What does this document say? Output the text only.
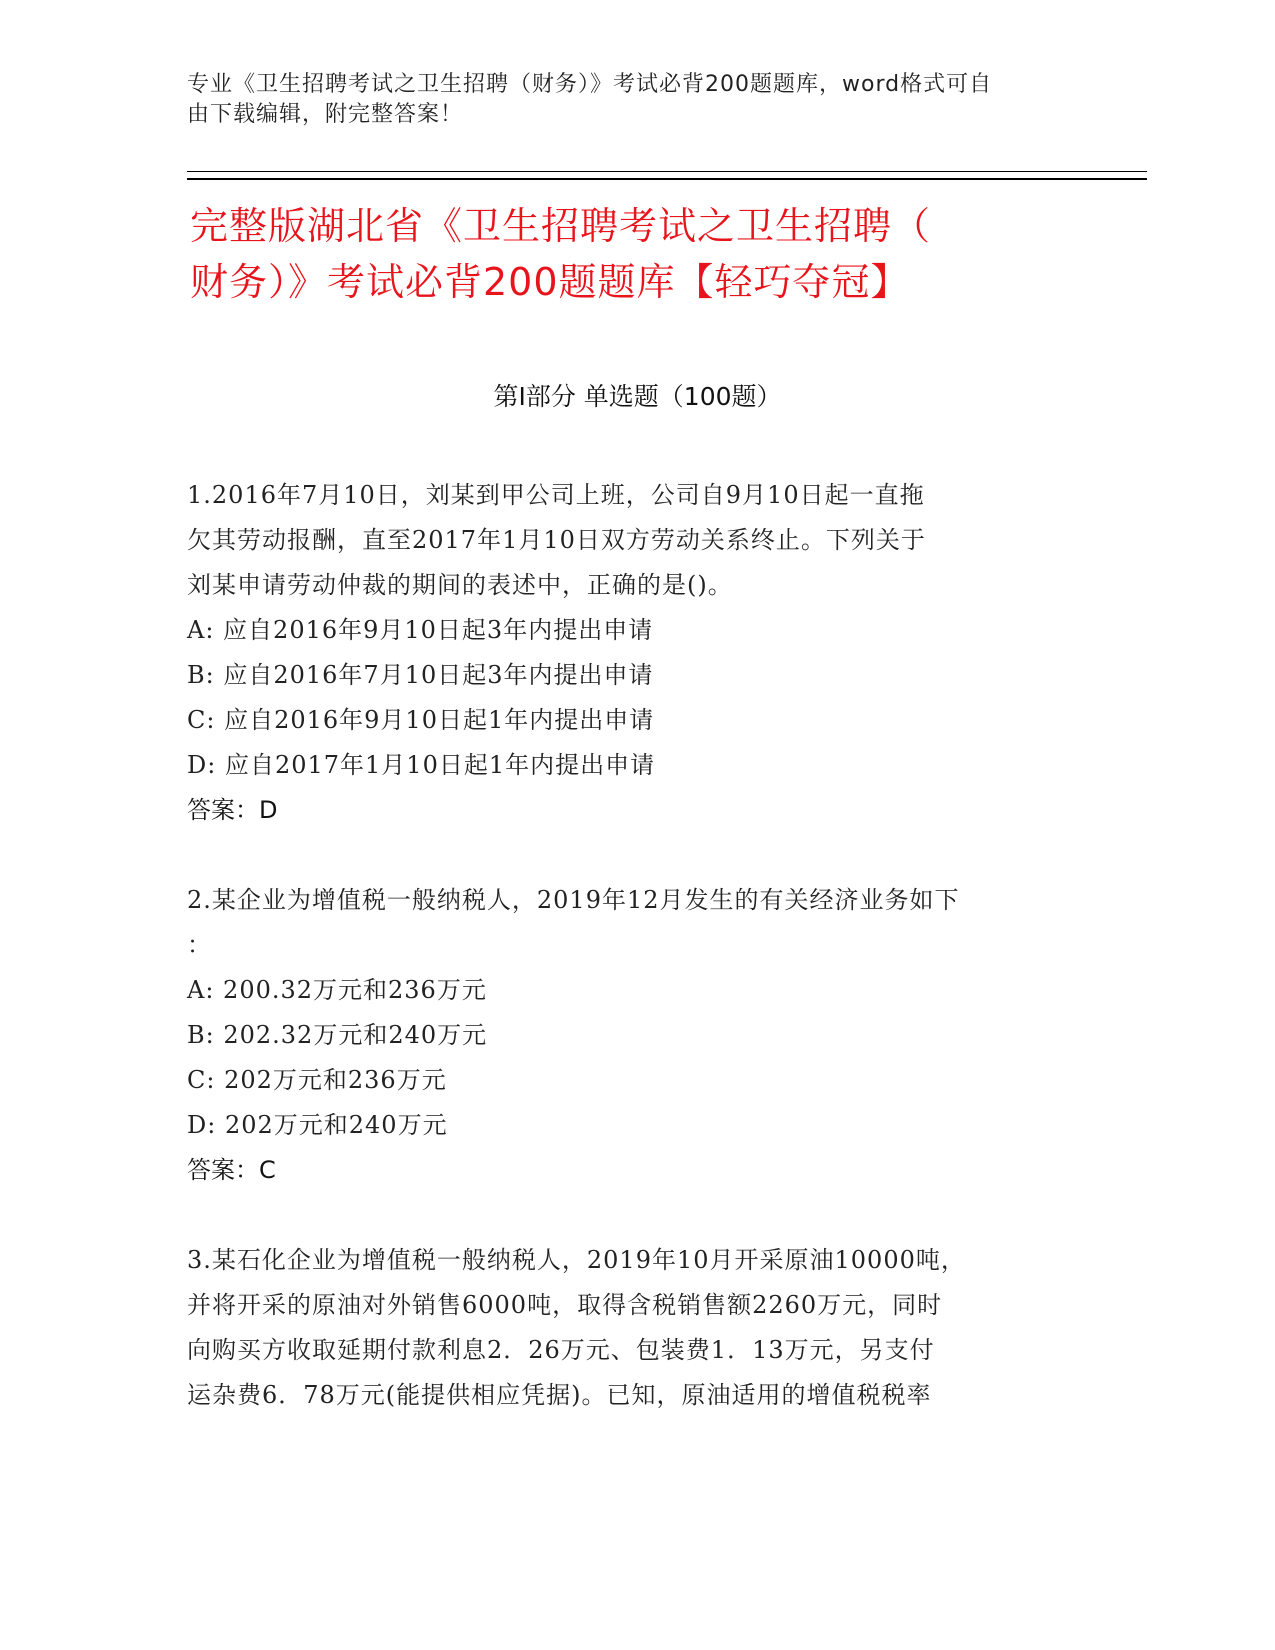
专业《卫生招聘考试之卫生招聘（财务）》考试必背200题题库，word格式可自
由下载编辑，附完整答案！
完整版湖北省《卫生招聘考试之卫生招聘（
财务）》考试必背200题题库【轻巧夺冠】
第Ⅰ部分 单选题（100题）

1.2016年7月10日，刘某到甲公司上班，公司自9月10日起一直拖

欠其劳动报酬，直至2017年1月10日双方劳动关系终止。下列关于

刘某申请劳动仲裁的期间的表述中，正确的是()。

A: 应自2016年9月10日起3年内提出申请

B: 应自2016年7月10日起3年内提出申请

C: 应自2016年9月10日起1年内提出申请

D: 应自2017年1月10日起1年内提出申请

答案：D

2.某企业为增值税一般纳税人，2019年12月发生的有关经济业务如下

：

A: 200.32万元和236万元

B: 202.32万元和240万元

C: 202万元和236万元

D: 202万元和240万元

答案：C

3.某石化企业为增值税一般纳税人，2019年10月开采原油10000吨，

并将开采的原油对外销售6000吨，取得含税销售额2260万元，同时

向购买方收取延期付款利息2．26万元、包装费1．13万元，另支付

运杂费6．78万元(能提供相应凭据)。已知，原油适用的增值税税率
